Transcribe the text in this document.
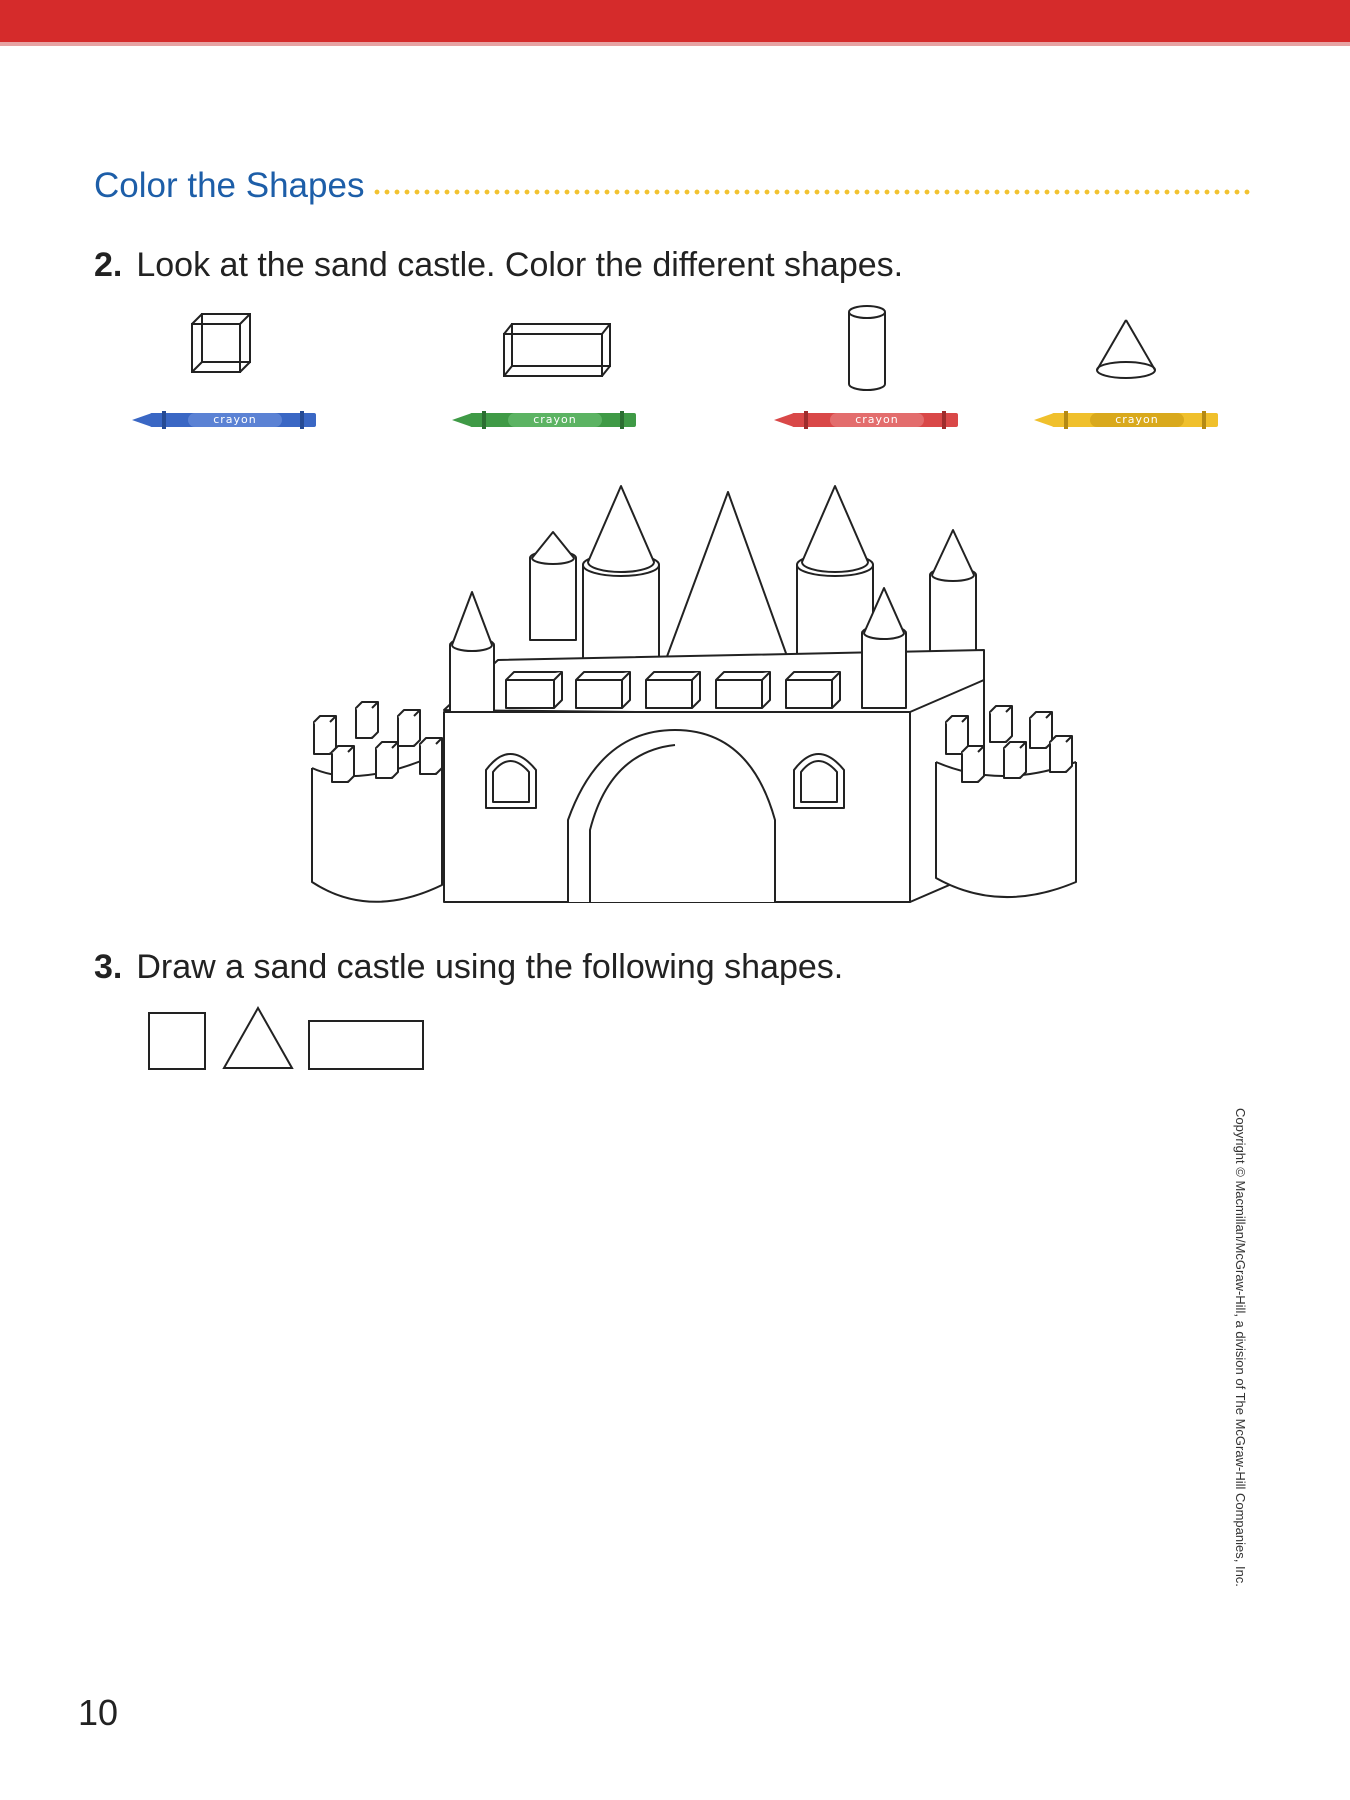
Color the Shapes
2. Look at the sand castle. Color the different shapes.
crayon	crayon	crayon	crayon
3. Draw a sand castle using the following shapes.
Copyright © Macmillan/McGraw-Hill, a division of The McGraw-Hill Companies, Inc.
10
